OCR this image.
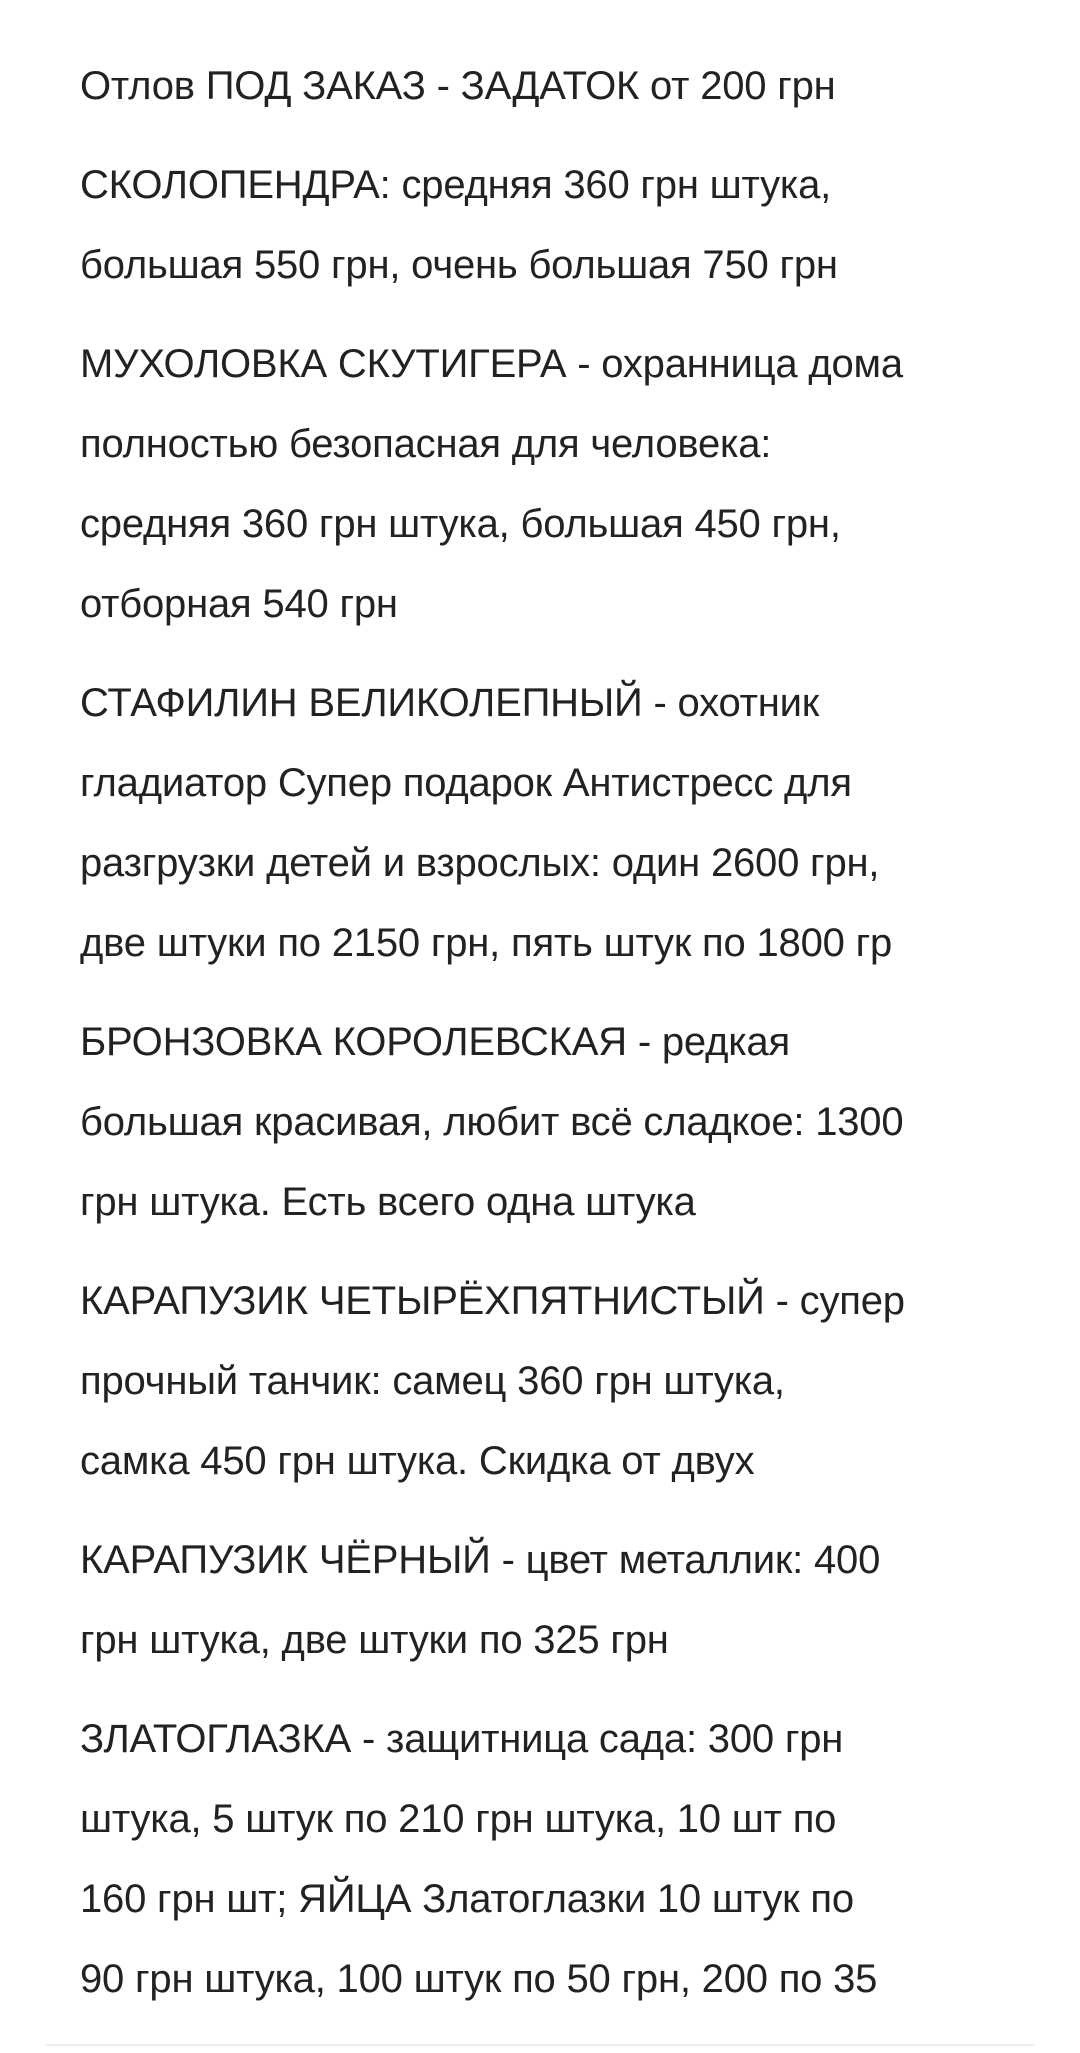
Отлов ПОД ЗАКАЗ - ЗАДАТОК от 200 грн

СКОЛОПЕНДРА: средняя 360 грн штука,
большая 550 грн, очень большая 750 грн

МУХОЛОВКА СКУТИГЕРА - охранница дома
полностью безопасная для человека:
средняя 360 грн штука, большая 450 грн,
отборная 540 грн

СТАФИЛИН ВЕЛИКОЛЕПНЫЙ - охотник
гладиатор Супер подарок Антистресс для
разгрузки детей и взрослых: один 2600 грн,
две штуки по 2150 грн, пять штук по 1800 гр

БРОНЗОВКА КОРОЛЕВСКАЯ - редкая
большая красивая, любит всё сладкое: 1300
грн штука. Есть всего одна штука

КАРАПУЗИК ЧЕТЫРЁХПЯТНИСТЫЙ - супер
прочный танчик: самец 360 грн штука,
самка 450 грн штука. Скидка от двух

КАРАПУЗИК ЧЁРНЫЙ - цвет металлик: 400
грн штука, две штуки по 325 грн

ЗЛАТОГЛАЗКА - защитница сада: 300 грн
штука, 5 штук по 210 грн штука, 10 шт по
160 грн шт; ЯЙЦА Златоглазки 10 штук по
90 грн штука, 100 штук по 50 грн, 200 по 35
